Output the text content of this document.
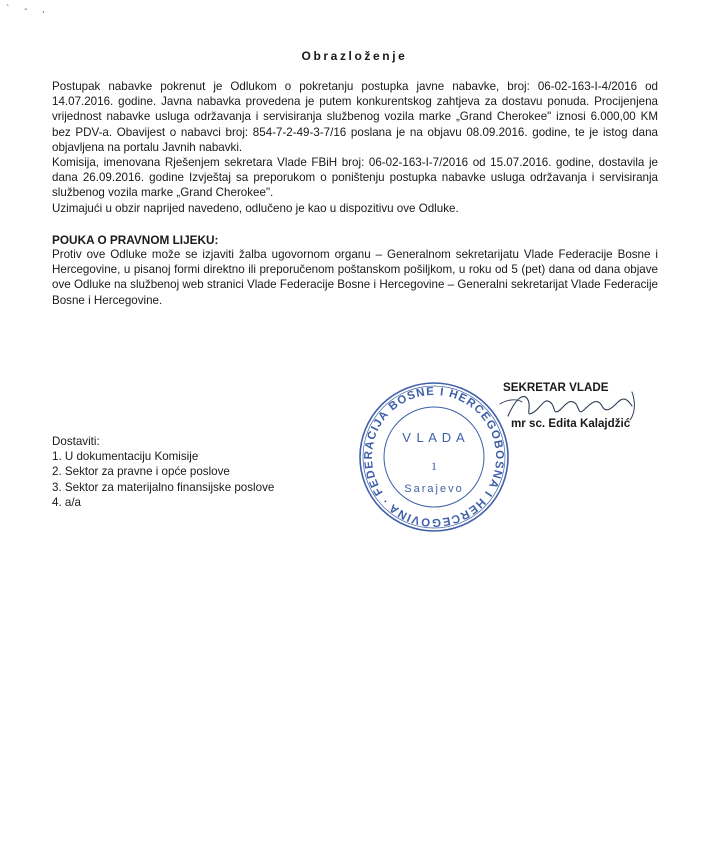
` - ‚
Obrazloženje

Postupak nabavke pokrenut je Odlukom o pokretanju postupka javne nabavke, broj: 06-02-163-I-4/2016 od 14.07.2016. godine. Javna nabavka provedena je putem konkurentskog zahtjeva za dostavu ponuda. Procijenjena vrijednost nabavke usluga održavanja i servisiranja službenog vozila marke „Grand Cherokee" iznosi 6.000,00 KM bez PDV-a. Obavijest o nabavci broj: 854-7-2-49-3-7/16 poslana je na objavu 08.09.2016. godine, te je istog dana objavljena na portalu Javnih nabavki.

Komisija, imenovana Rješenjem sekretara Vlade FBiH broj: 06-02-163-I-7/2016 od 15.07.2016. godine, dostavila je dana 26.09.2016. godine Izvještaj sa preporukom o poništenju postupka nabavke usluga održavanja i servisiranja službenog vozila marke „Grand Cherokee".

Uzimajući u obzir naprijed navedeno, odlučeno je kao u dispozitivu ove Odluke.

POUKA O PRAVNOM LIJEKU:

Protiv ove Odluke može se izjaviti žalba ugovornom organu – Generalnom sekretarijatu Vlade Federacije Bosne i Hercegovine, u pisanoj formi direktno ili preporučenom poštanskom pošiljkom, u roku od 5 (pet) dana od dana objave ove Odluke na službenoj web stranici Vlade Federacije Bosne i Hercegovine – Generalni sekretarijat Vlade Federacije Bosne i Hercegovine.

BOSNA I HERCEGOVINA · FEDERACIJA BOSNE I HERCEGOVINE
V L A D A
1
Sarajevo
SEKRETAR VLADE
mr sc. Edita Kalajdžić
Dostaviti:
1. U dokumentaciju Komisije
2. Sektor za pravne i opće poslove
3. Sektor za materijalno finansijske poslove
4. a/a
